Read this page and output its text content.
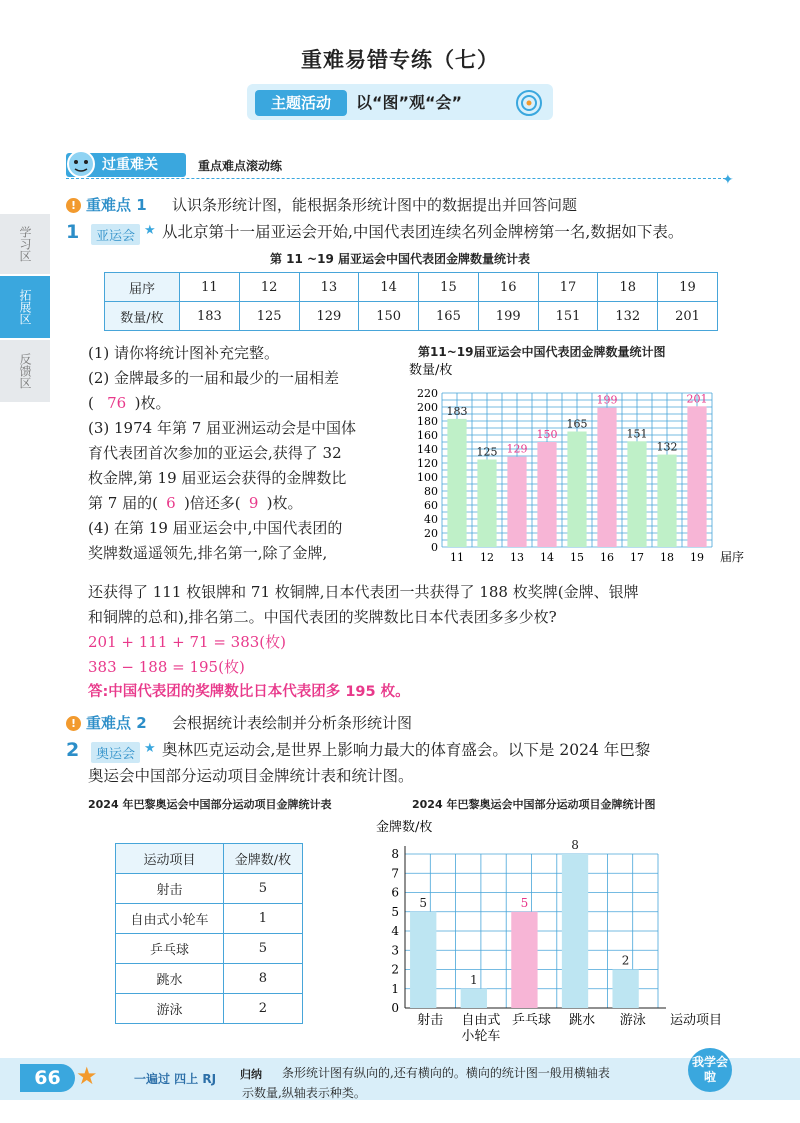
重难易错专练（七）
主题活动	以“图”观“会”
过重难关	重点难点滚动练
✦
学习区
拓展区
反馈区
! 重难点 1 认识条形统计图，能根据条形统计图中的数据提出并回答问题
1	亚运会 ★ 从北京第十一届亚运会开始,中国代表团连续名列金牌榜第一名,数据如下表。
第 11 ~19 届亚运会中国代表团金牌数量统计表
届序	11	12	13	14	15	16	17	18	19
数量/枚	183	125	129	150	165	199	151	132	201
(1) 请你将统计图补充完整。
(2) 金牌最多的一届和最少的一届相差
( 76 )枚。
(3) 1974 年第 7 届亚洲运动会是中国体
育代表团首次参加的亚运会,获得了 32
枚金牌,第 19 届亚运会获得的金牌数比
第 7 届的( 6 )倍还多( 9 )枚。
(4) 在第 19 届亚运会中,中国代表团的
奖牌数遥遥领先,排名第一,除了金牌,
第11~19届亚运会中国代表团金牌数量统计图
数量/枚
0
20
40
60
80
100
120
140
160
180
200
220
183
11
125
12
129
13
150
14
165
15
199
16
151
17
132
18
201
19 届序
还获得了 111 枚银牌和 71 枚铜牌,日本代表团一共获得了 188 枚奖牌(金牌、银牌
和铜牌的总和),排名第二。中国代表团的奖牌数比日本代表团多多少枚?
201 + 111 + 71 = 383(枚)
383 − 188 = 195(枚)
答:中国代表团的奖牌数比日本代表团多 195 枚。
! 重难点 2 会根据统计表绘制并分析条形统计图
2	奥运会 ★ 奥林匹克运动会,是世界上影响力最大的体育盛会。以下是 2024 年巴黎
奥运会中国部分运动项目金牌统计表和统计图。
2024 年巴黎奥运会中国部分运动项目金牌统计表
运动项目	金牌数/枚
射击	5
自由式小轮车	1
乒乓球	5
跳水	8
游泳	2
2024 年巴黎奥运会中国部分运动项目金牌统计图
金牌数/枚
0
1
2
3
4
5
6
7
8
5
射击
1
自由式
小轮车
5
乒乓球
8
跳水
2
游泳 运动项目
66 ★	一遍过 四上 RJ 归纳 条形统计图有纵向的,还有横向的。横向的统计图一般用横轴表
示数量,纵轴表示种类。
我学会啦
